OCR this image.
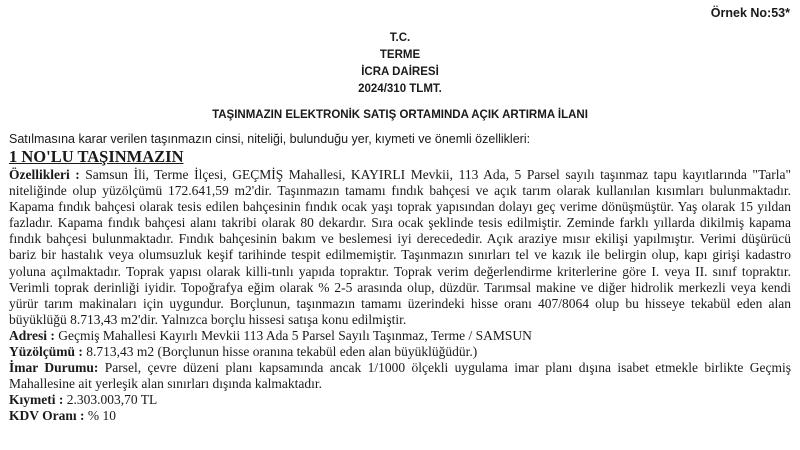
Örnek No:53*
T.C.
TERME
İCRA DAİRESİ
2024/310 TLMT.
TAŞINMAZIN ELEKTRONİK SATIŞ ORTAMINDA AÇIK ARTIRMA İLANI
Satılmasına karar verilen taşınmazın cinsi, niteliği, bulunduğu yer, kıymeti ve önemli özellikleri:
1 NO'LU TAŞINMAZIN

Özellikleri : Samsun İli, Terme İlçesi, GEÇMİŞ Mahallesi, KAYIRLI Mevkii, 113 Ada, 5 Parsel sayılı taşınmaz tapu kayıtlarında "Tarla" niteliğinde olup yüzölçümü 172.641,59 m2'dir. Taşınmazın tamamı fındık bahçesi ve açık tarım olarak kullanılan kısımları bulunmaktadır. Kapama fındık bahçesi olarak tesis edilen bahçesinin fındık ocak yaşı toprak yapısından dolayı geç verime dönüşmüştür. Yaş olarak 15 yıldan fazladır. Kapama fındık bahçesi alanı takribi olarak 80 dekardır. Sıra ocak şeklinde tesis edilmiştir. Zeminde farklı yıllarda dikilmiş kapama fındık bahçesi bulunmaktadır. Fındık bahçesinin bakım ve beslemesi iyi derecededir. Açık araziye mısır ekilişi yapılmıştır. Verimi düşürücü bariz bir hastalık veya olumsuzluk keşif tarihinde tespit edilmemiştir. Taşınmazın sınırları tel ve kazık ile belirgin olup, kapı girişi kadastro yoluna açılmaktadır. Toprak yapısı olarak killi-tınlı yapıda topraktır. Toprak verim değerlendirme kriterlerine göre I. veya II. sınıf topraktır. Verimli toprak derinliği iyidir. Topoğrafya eğim olarak % 2-5 arasında olup, düzdür. Tarımsal makine ve diğer hidrolik merkezli veya kendi yürür tarım makinaları için uygundur. Borçlunun, taşınmazın tamamı üzerindeki hisse oranı 407/8064 olup bu hisseye tekabül eden alan büyüklüğü 8.713,43 m2'dir. Yalnızca borçlu hissesi satışa konu edilmiştir.

Adresi : Geçmiş Mahallesi Kayırlı Mevkii 113 Ada 5 Parsel Sayılı Taşınmaz, Terme / SAMSUN

Yüzölçümü : 8.713,43 m2 (Borçlunun hisse oranına tekabül eden alan büyüklüğüdür.)

İmar Durumu: Parsel, çevre düzeni planı kapsamında ancak 1/1000 ölçekli uygulama imar planı dışına isabet etmekle birlikte Geçmiş Mahallesine ait yerleşik alan sınırları dışında kalmaktadır.

Kıymeti : 2.303.003,70 TL

KDV Oranı : % 10
